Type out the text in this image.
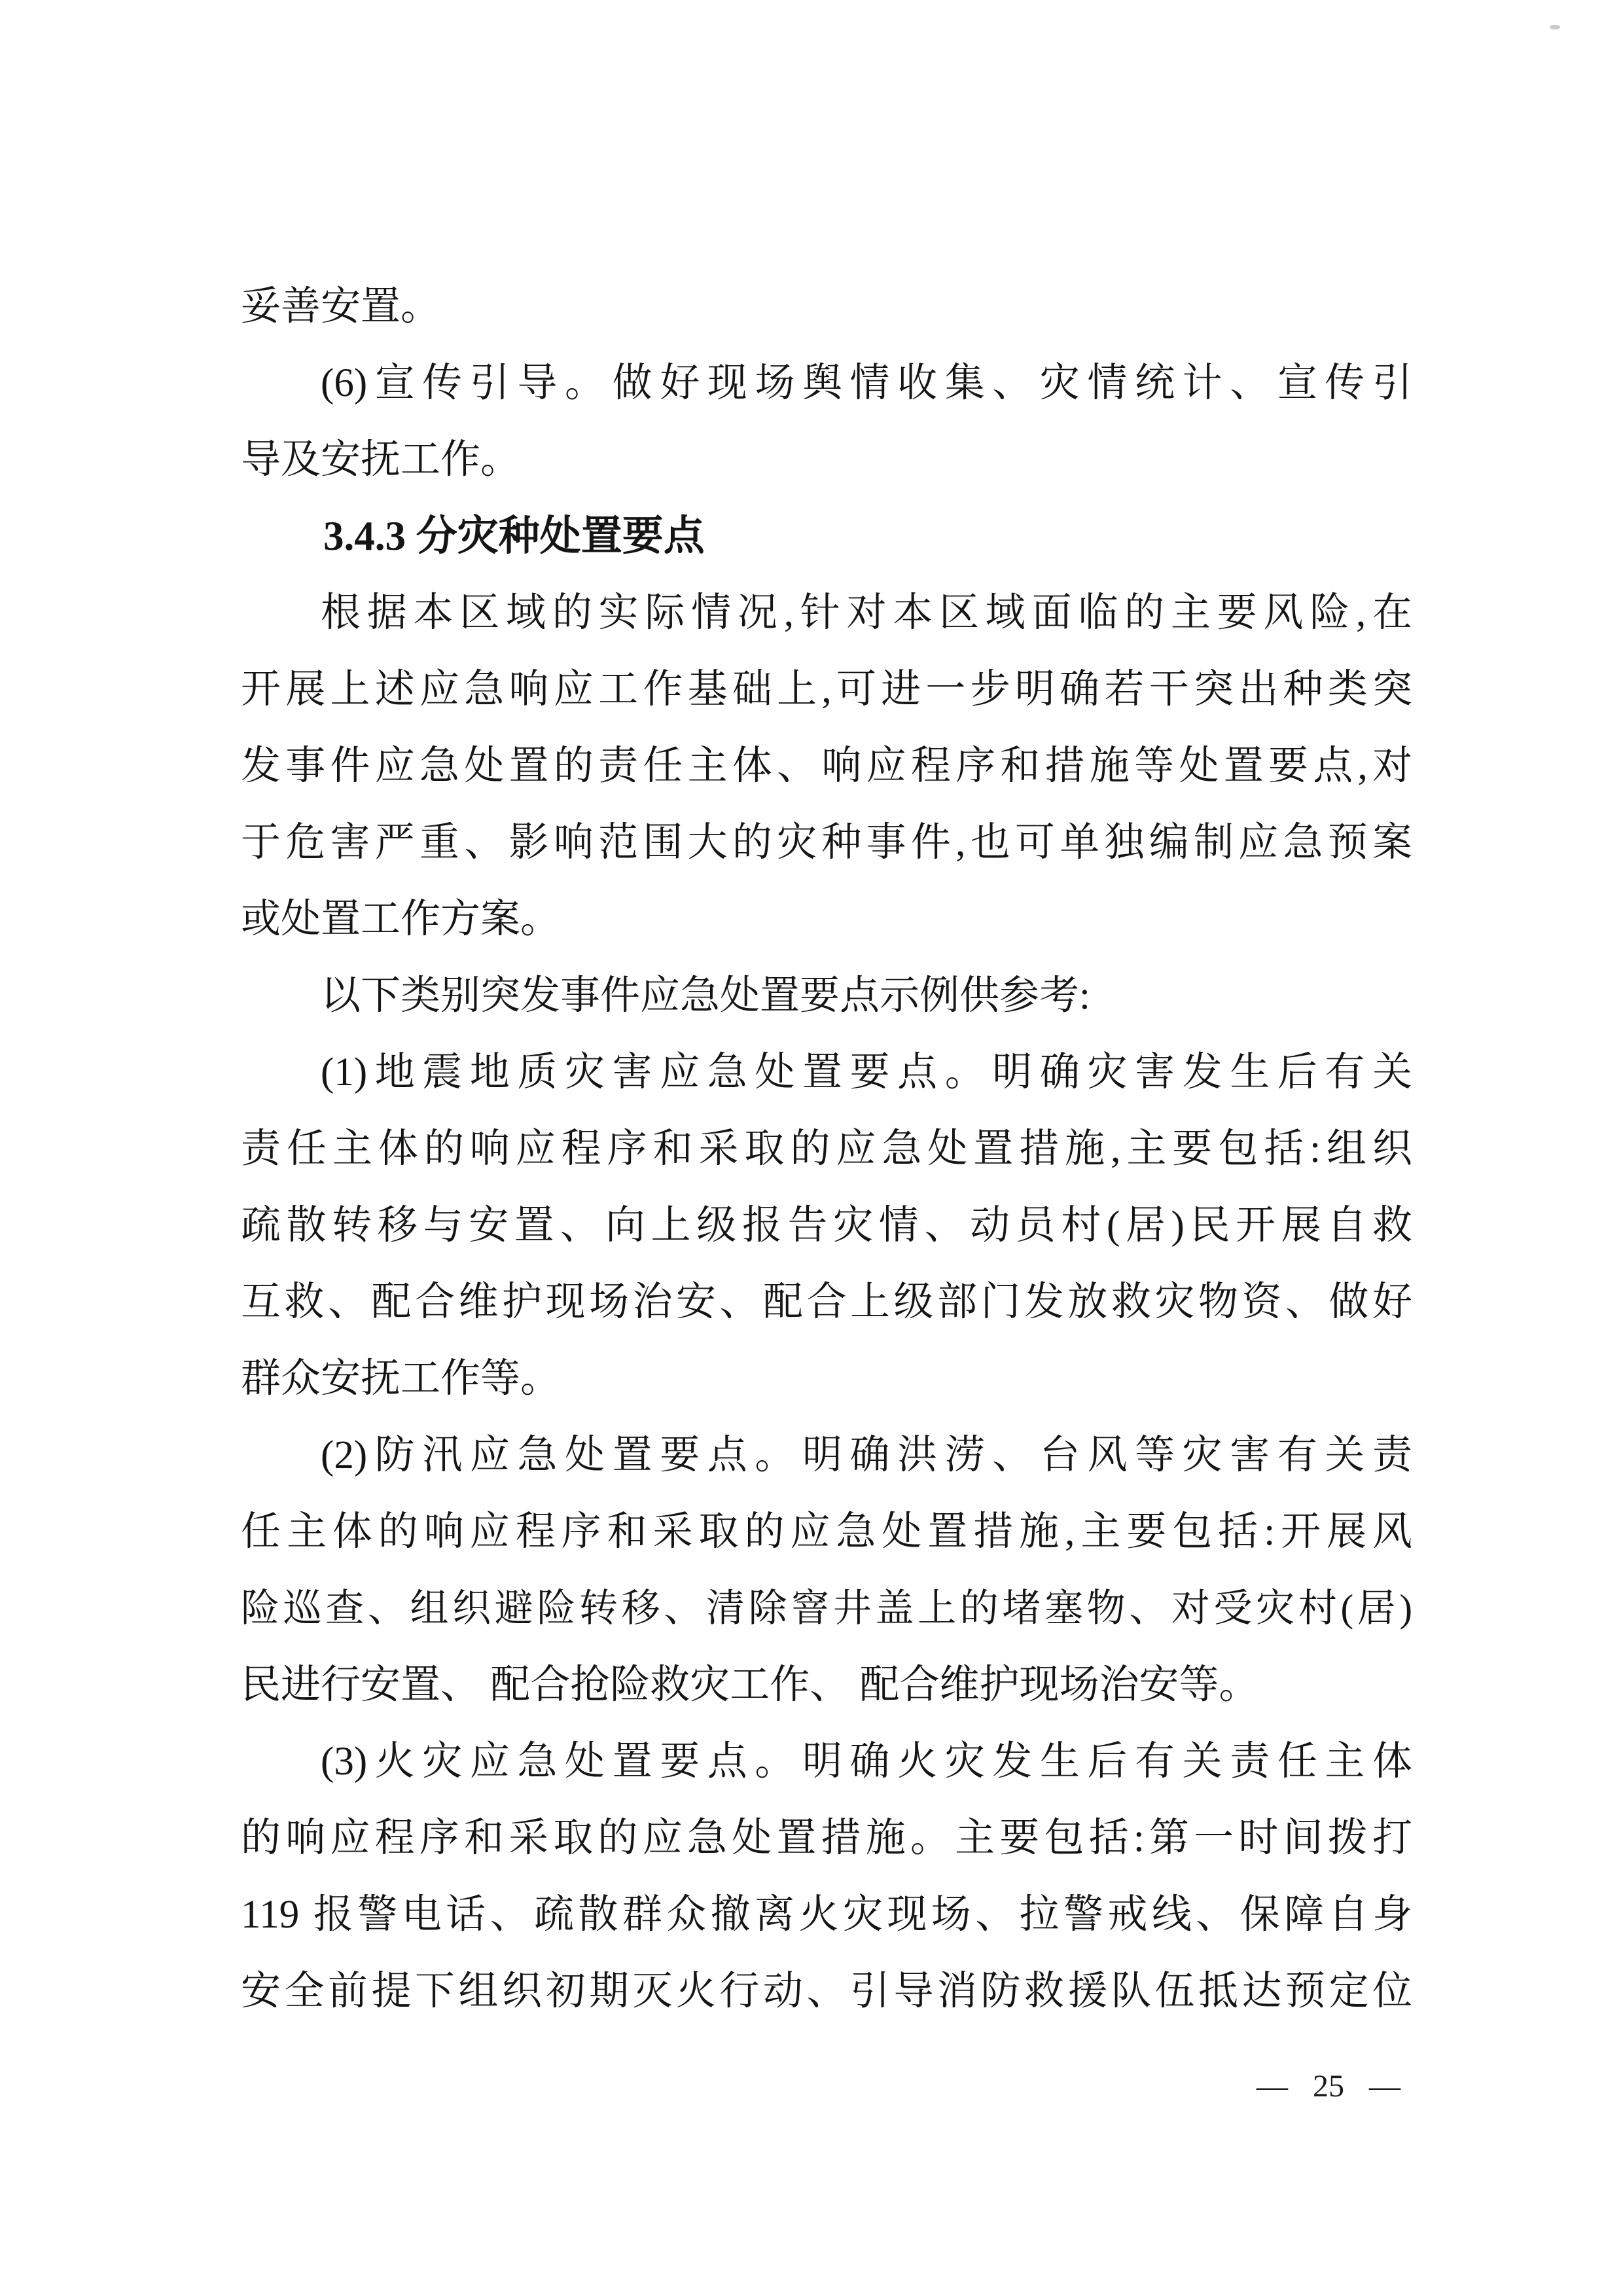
妥善安置。
(6)宣传引导。做好现场舆情收集、灾情统计、宣传引
导及安抚工作。
3.4.3 分灾种处置要点
根据本区域的实际情况,针对本区域面临的主要风险,在
开展上述应急响应工作基础上,可进一步明确若干突出种类突
发事件应急处置的责任主体、响应程序和措施等处置要点,对
于危害严重、影响范围大的灾种事件,也可单独编制应急预案
或处置工作方案。
以下类别突发事件应急处置要点示例供参考:
(1)地震地质灾害应急处置要点。明确灾害发生后有关
责任主体的响应程序和采取的应急处置措施,主要包括:组织
疏散转移与安置、向上级报告灾情、动员村(居)民开展自救
互救、配合维护现场治安、配合上级部门发放救灾物资、做好
群众安抚工作等。
(2)防汛应急处置要点。明确洪涝、台风等灾害有关责
任主体的响应程序和采取的应急处置措施,主要包括:开展风
险巡查、组织避险转移、清除窨井盖上的堵塞物、对受灾村(居)
民进行安置、 配合抢险救灾工作、 配合维护现场治安等。
(3)火灾应急处置要点。明确火灾发生后有关责任主体
的响应程序和采取的应急处置措施。主要包括:第一时间拨打
119 报警电话、疏散群众撤离火灾现场、拉警戒线、保障自身
安全前提下组织初期灭火行动、引导消防救援队伍抵达预定位
— 25 —
